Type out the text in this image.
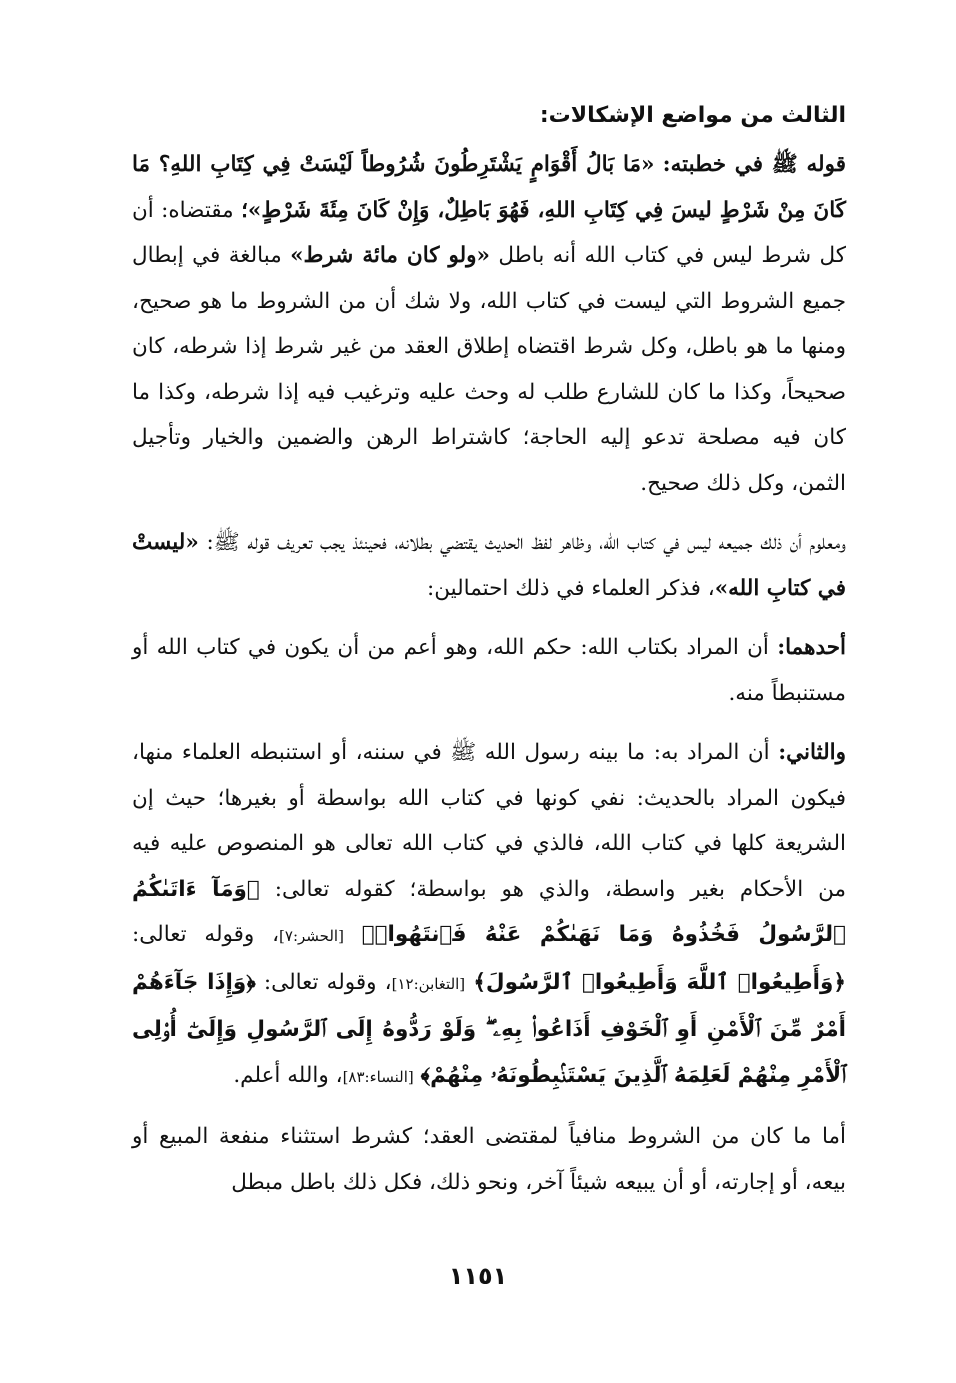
الثالث من مواضع الإشكالات:

قوله ﷺ في خطبته: «مَا بَالُ أَقْوَامٍ يَشْتَرِطُونَ شُرُوطاً لَيْسَتْ فِي كِتَابِ اللهِ؟ مَا كَانَ مِنْ شَرْطٍ ليسَ فِي كِتَابِ اللهِ، فَهُوَ بَاطِلٌ، وَإِنْ كَانَ مِئَةَ شَرْطٍ»؛ مقتضاه: أن كل شرط ليس في كتاب الله أنه باطل «ولو كان مائة شرط» مبالغة في إبطال جميع الشروط التي ليست في كتاب الله، ولا شك أن من الشروط ما هو صحيح، ومنها ما هو باطل، وكل شرط اقتضاه إطلاق العقد من غير شرط إذا شرطه، كان صحيحاً، وكذا ما كان للشارع طلب له وحث عليه وترغيب فيه إذا شرطه، وكذا ما كان فيه مصلحة تدعو إليه الحاجة؛ كاشتراط الرهن والضمين والخيار وتأجيل الثمن، وكل ذلك صحيح.

ومعلوم أن ذلك جميعه ليس في كتاب الله، وظاهر لفظ الحديث يقتضي بطلانه، فحينئذ يجب تعريف قوله ﷺ: «ليستْ في كتابِ الله»، فذكر العلماء في ذلك احتمالين:

أحدهما: أن المراد بكتاب الله: حكم الله، وهو أعم من أن يكون في كتاب الله أو مستنبطاً منه.

والثاني: أن المراد به: ما بينه رسول الله ﷺ في سننه، أو استنبطه العلماء منها، فيكون المراد بالحديث: نفي كونها في كتاب الله بواسطة أو بغيرها؛ حيث إن الشريعة كلها في كتاب الله، فالذي في كتاب الله تعالى هو المنصوص عليه فيه من الأحكام بغير واسطة، والذي هو بواسطة؛ كقوله تعالى: ﴿وَمَآ ءَاتَىٰكُمُ ٱلرَّسُولُ فَخُذُوهُ وَمَا نَهَىٰكُمْ عَنْهُ فَٱنتَهُوا۟﴾ [الحشر:٧]، وقوله تعالى: ﴿وَأَطِيعُوا۟ ٱللَّهَ وَأَطِيعُوا۟ ٱلرَّسُولَ﴾ [التغابن:١٢]، وقوله تعالى: ﴿وَإِذَا جَآءَهُمْ أَمْرٌ مِّنَ ٱلْأَمْنِ أَوِ ٱلْخَوْفِ أَذَاعُوا۟ بِهِۦ ۖ وَلَوْ رَدُّوهُ إِلَى ٱلرَّسُولِ وَإِلَىٰٓ أُو۟لِى ٱلْأَمْرِ مِنْهُمْ لَعَلِمَهُ ٱلَّذِينَ يَسْتَنۢبِطُونَهُۥ مِنْهُمْ﴾ [النساء:٨٣]، والله أعلم.

أما ما كان من الشروط منافياً لمقتضى العقد؛ كشرط استثناء منفعة المبيع أو بيعه، أو إجارته، أو أن يبيعه شيئاً آخر، ونحو ذلك، فكل ذلك باطل مبطل

١١٥١
